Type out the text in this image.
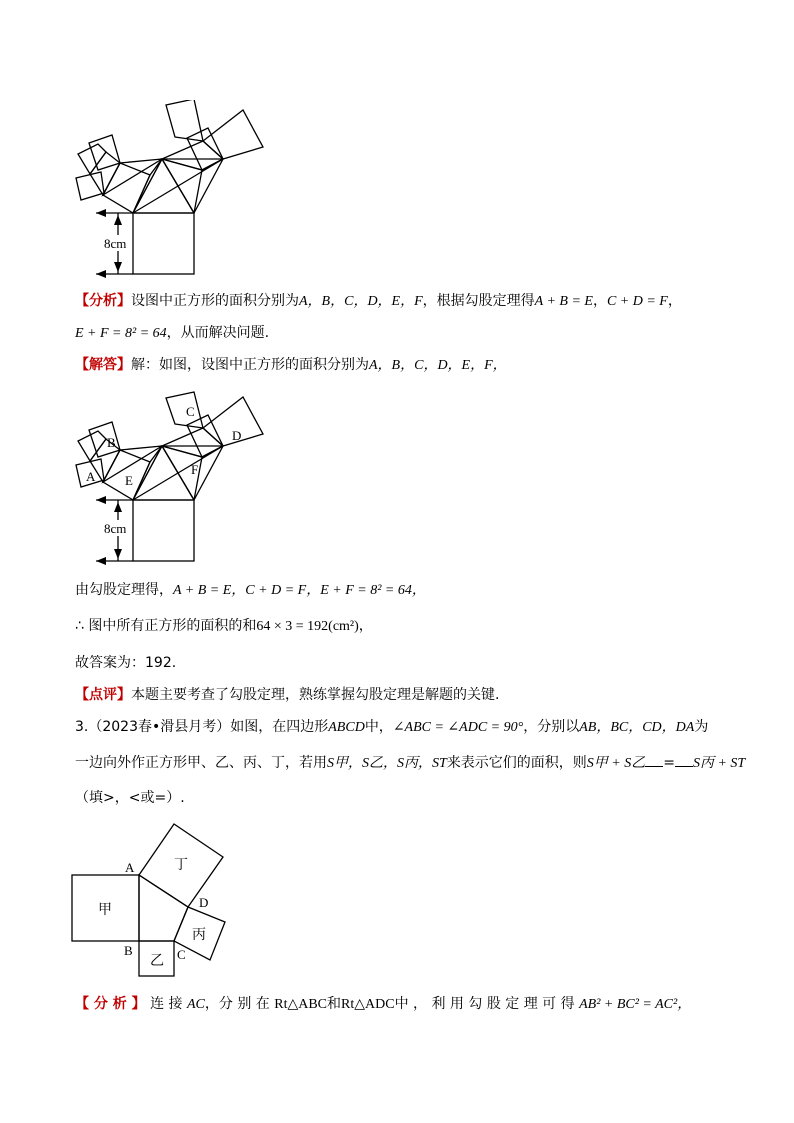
8cm
【分析】设图中正方形的面积分别为A，B，C，D，E，F，根据勾股定理得A + B = E，C + D = F，
E + F = 8² = 64，从而解决问题.
【解答】解：如图，设图中正方形的面积分别为A，B，C，D，E，F，
8cm
A
B
C
D
E
F
由勾股定理得，A + B = E，C + D = F，E + F = 8² = 64，
∴ 图中所有正方形的面积的和64 × 3 = 192(cm²)，
故答案为：192.
【点评】本题主要考查了勾股定理，熟练掌握勾股定理是解题的关键.
3.（2023春•滑县月考）如图，在四边形ABCD中，∠ABC = ∠ADC = 90°，分别以AB，BC，CD，DA为
一边向外作正方形甲、乙、丙、丁，若用S甲，S乙，S丙，ST来表示它们的面积，则S甲 + S乙 = S丙 + ST
（填>，<或=）.
A
B	C
D
甲
乙
丙
丁
【 分 析 】 连 接 AC，分 别 在 Rt△ABC和Rt△ADC中 ， 利 用 勾 股 定 理 可 得 AB² + BC² = AC²，
